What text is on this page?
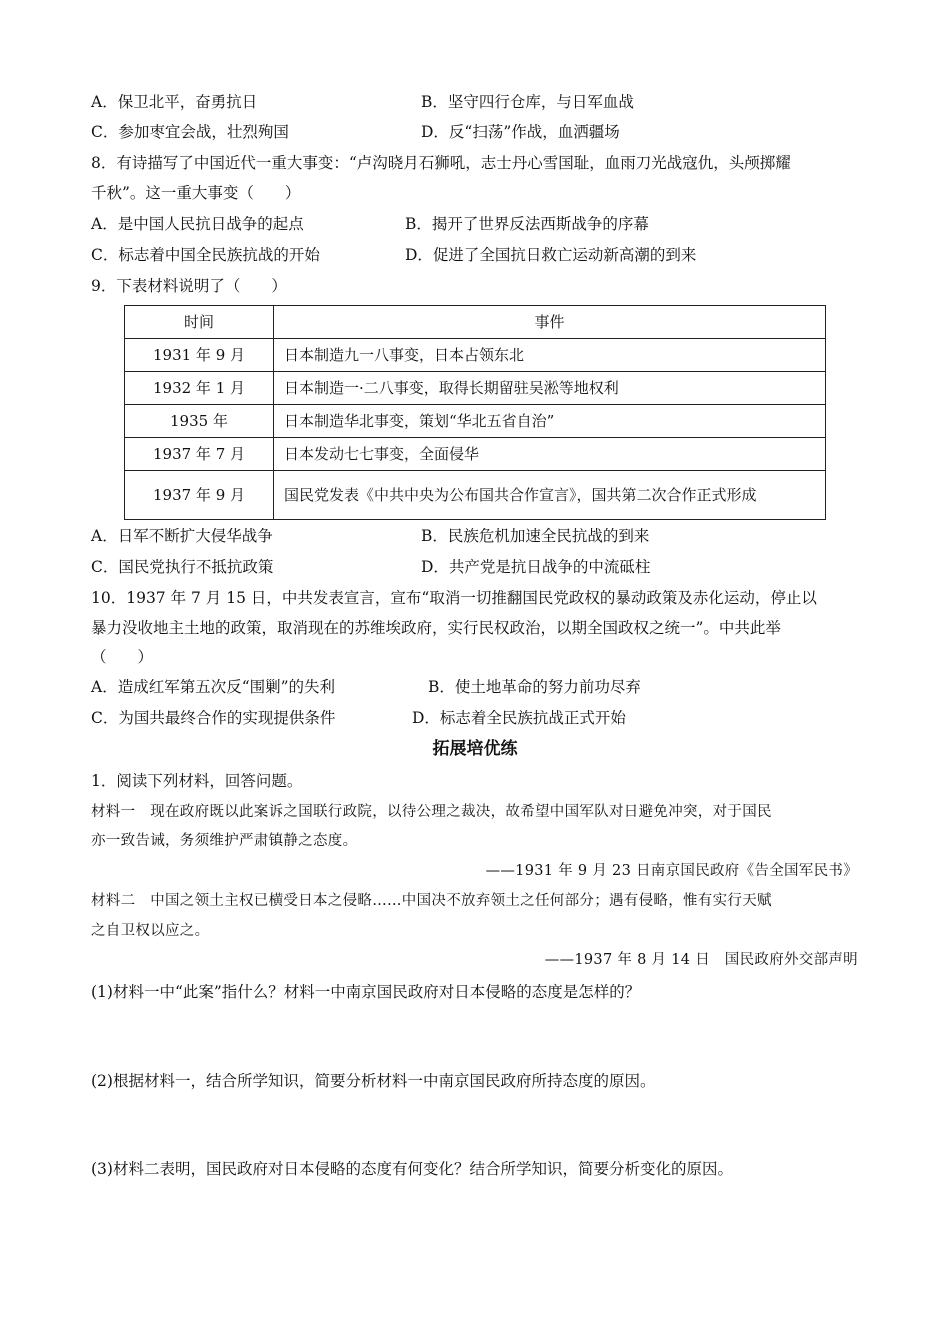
A．保卫北平，奋勇抗日	B．坚守四行仓库，与日军血战
C．参加枣宜会战，壮烈殉国	D．反“扫荡”作战，血洒疆场
8．有诗描写了中国近代一重大事变：“卢沟晓月石狮吼，志士丹心雪国耻，血雨刀光战寇仇，头颅掷耀
千秋”。这一重大事变（　　）
A．是中国人民抗日战争的起点	B．揭开了世界反法西斯战争的序幕
C．标志着中国全民族抗战的开始	D．促进了全国抗日救亡运动新高潮的到来
9．下表材料说明了（　　）
时间	事件
1931 年 9 月	日本制造九一八事变，日本占领东北
1932 年 1 月	日本制造一·二八事变，取得长期留驻吴淞等地权利
1935 年	日本制造华北事变，策划“华北五省自治”
1937 年 7 月	日本发动七七事变，全面侵华
1937 年 9 月	国民党发表《中共中央为公布国共合作宣言》，国共第二次合作正式形成
A．日军不断扩大侵华战争	B．民族危机加速全民抗战的到来
C．国民党执行不抵抗政策	D．共产党是抗日战争的中流砥柱
10．1937 年 7 月 15 日，中共发表宣言，宣布“取消一切推翻国民党政权的暴动政策及赤化运动，停止以
暴力没收地主土地的政策，取消现在的苏维埃政府，实行民权政治，以期全国政权之统一”。中共此举
（　　）
A．造成红军第五次反“围剿”的失利	B．使土地革命的努力前功尽弃
C．为国共最终合作的实现提供条件	D．标志着全民族抗战正式开始
拓展培优练
1．阅读下列材料，回答问题。
材料一　现在政府既以此案诉之国联行政院，以待公理之裁决，故希望中国军队对日避免冲突，对于国民
亦一致告诫，务须维护严肃镇静之态度。
——1931 年 9 月 23 日南京国民政府《告全国军民书》
材料二　中国之领土主权已横受日本之侵略……中国决不放弃领土之任何部分；遇有侵略，惟有实行天赋
之自卫权以应之。
——1937 年 8 月 14 日　国民政府外交部声明
(1)材料一中“此案”指什么？材料一中南京国民政府对日本侵略的态度是怎样的？
(2)根据材料一，结合所学知识，简要分析材料一中南京国民政府所持态度的原因。
(3)材料二表明，国民政府对日本侵略的态度有何变化？结合所学知识，简要分析变化的原因。
